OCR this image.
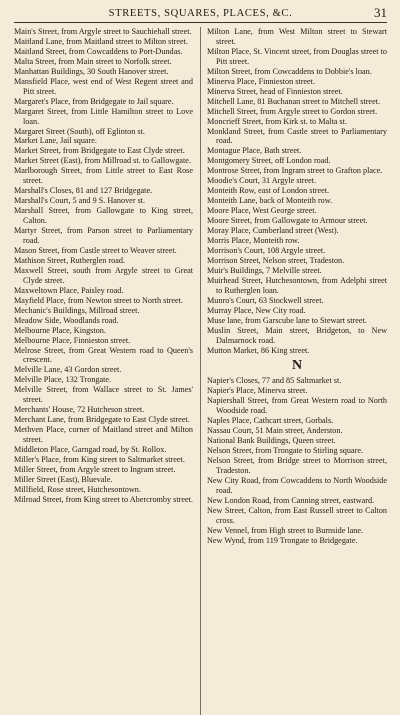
STREETS, SQUARES, PLACES, &C.	31

Main's Street, from Argyle street to Sauchiehall street.

Maitland Lane, from Maitland street to Milton street.

Maitland Street, from Cowcaddens to Port-Dundas.

Malta Street, from Main street to Norfolk street.

Manhattan Buildings, 30 South Hanover street.

Mansfield Place, west end of West Regent street and Pitt street.

Margaret's Place, from Bridgegate to Jail square.

Margaret Street, from Little Hamilton street to Love loan.

Margaret Street (South), off Eglinton st.

Market Lane, Jail square.

Market Street, from Bridgegate to East Clyde street.

Market Street (East), from Millroad st. to Gallowgate.

Marlborough Street, from Little street to East Rose street.

Marshall's Closes, 81 and 127 Bridgegate.

Marshall's Court, 5 and 9 S. Hanover st.

Marshall Street, from Gallowgate to King street, Calton.

Martyr Street, from Parson street to Parliamentary road.

Mason Street, from Castle street to Weaver street.

Mathison Street, Rutherglen road.

Maxwell Street, south from Argyle street to Great Clyde street.

Maxweltown Place, Paisley road.

Mayfield Place, from Newton street to North street.

Mechanic's Buildings, Millroad street.

Meadow Side, Woodlands road.

Melbourne Place, Kingston.

Melbourne Place, Finnieston street.

Melrose Street, from Great Western road to Queen's crescent.

Melville Lane, 43 Gordon street.

Melville Place, 132 Trongate.

Melville Street, from Wallace street to St. James' street.

Merchants' House, 72 Hutcheson street.

Merchant Lane, from Bridgegate to East Clyde street.

Methven Place, corner of Maitland street and Milton street.

Middleton Place, Garngad road, by St. Rollox.

Miller's Place, from King street to Saltmarket street.

Miller Street, from Argyle street to Ingram street.

Miller Street (East), Bluevale.

Millfield, Rose street, Hutchesontown.

Milroad Street, from King street to Abercromby street.

Milton Lane, from West Milton street to Stewart street.

Milton Place, St. Vincent street, from Douglas street to Pitt street.

Milton Street, from Cowcaddens to Dobbie's loan.

Minerva Place, Finnieston street.

Minerva Street, head of Finnieston street.

Mitchell Lane, 81 Buchanan street to Mitchell street.

Mitchell Street, from Argyle street to Gordon street.

Moncrieff Street, from Kirk st. to Malta st.

Monkland Street, from Castle street to Parliamentary road.

Montague Place, Bath street.

Montgomery Street, off London road.

Montrose Street, from Ingram street to Grafton place.

Moodie's Court, 31 Argyle street.

Monteith Row, east of London street.

Monteith Lane, back of Monteith row.

Moore Place, West George street.

Moore Street, from Gallowgate to Armour street.

Moray Place, Cumberland street (West).

Morris Place, Monteith row.

Morrison's Court, 108 Argyle street.

Morrison Street, Nelson street, Tradeston.

Muir's Buildings, 7 Melville street.

Muirhead Street, Hutchesontown, from Adelphi street to Rutherglen loan.

Munro's Court, 63 Stockwell street.

Murray Place, New City road.

Muse lane, from Garscube lane to Stewart street.

Muslin Street, Main street, Bridgeton, to New Dalmarnock road.

Mutton Market, 86 King street.

N

Napier's Closes, 77 and 85 Saltmarket st.

Napier's Place, Minerva street.

Napiershall Street, from Great Western road to North Woodside road.

Naples Place, Cathcart street, Gorbals.

Nassau Court, 51 Main street, Anderston.

National Bank Buildings, Queen street.

Nelson Street, from Trongate to Stirling square.

Nelson Street, from Bridge street to Morrison street, Tradeston.

New City Road, from Cowcaddens to North Woodside road.

New London Road, from Canning street, eastward.

New Street, Calton, from East Russell street to Calton cross.

New Vennel, from High street to Burnside lane.

New Wynd, from 119 Trongate to Bridgegate.
